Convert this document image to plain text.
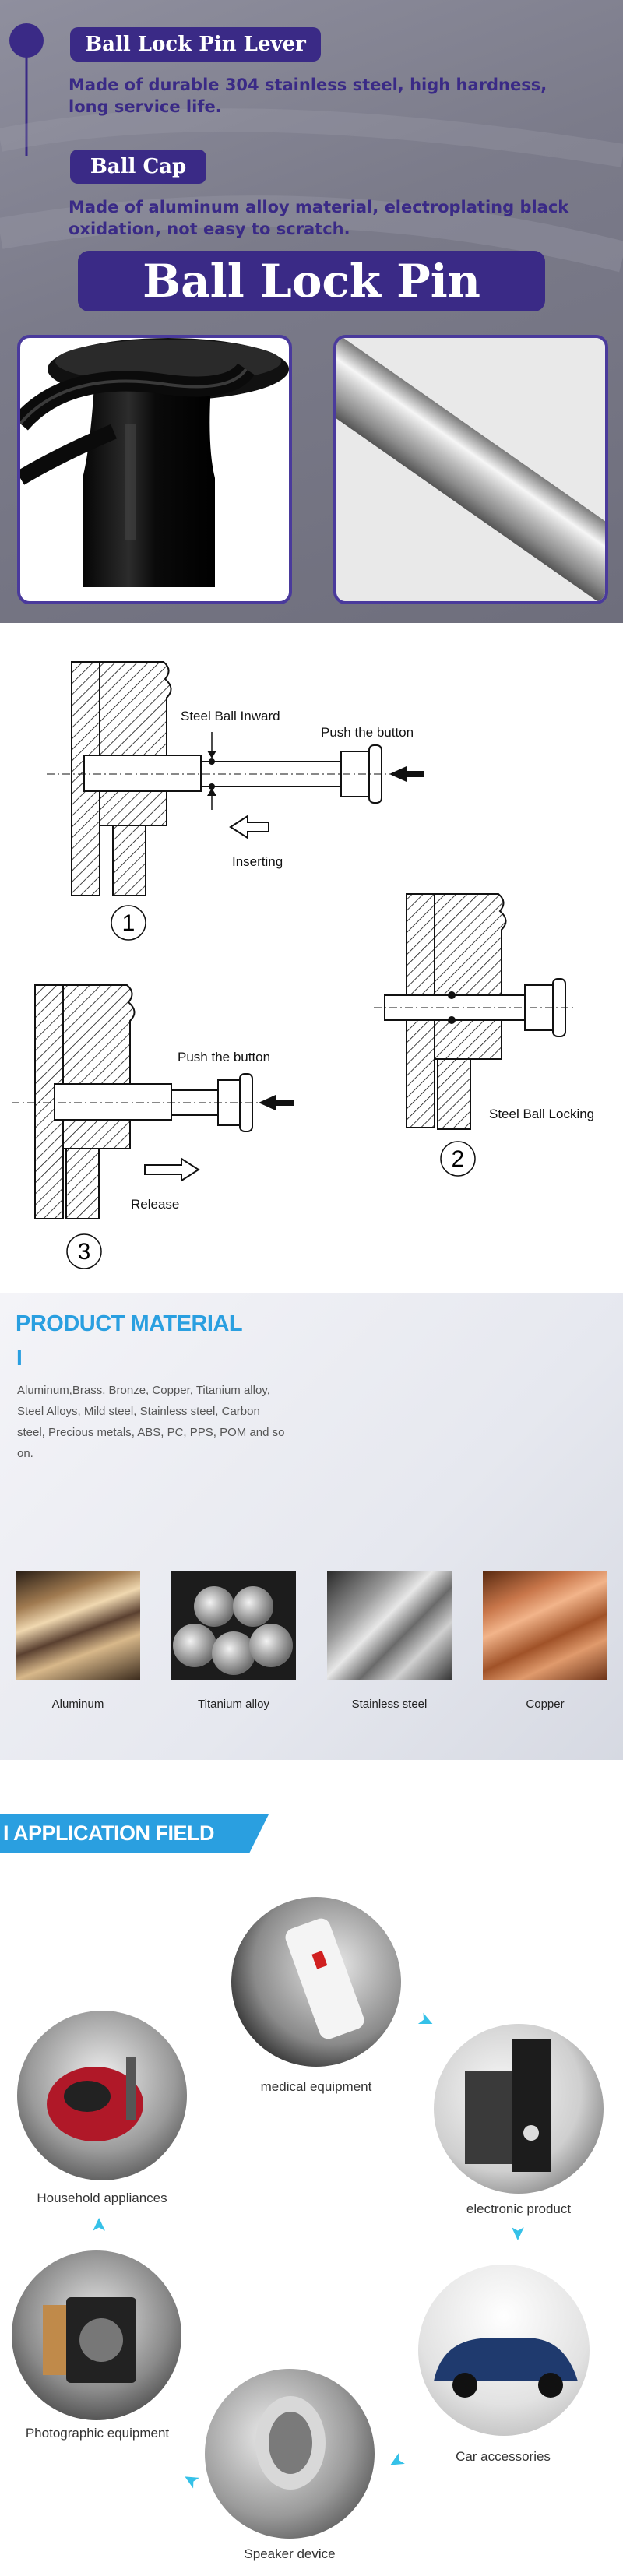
Ball Lock Pin Lever
Made of durable 304 stainless steel, high hardness,
long service life.
Ball Cap
Made of aluminum alloy material, electroplating black
oxidation, not easy to scratch.
Ball Lock Pin
Steel Ball Inward
Push the button
Inserting
1
Steel Ball Locking
2
Push the button
Release
3
PRODUCT MATERIAL
I
Aluminum,Brass, Bronze, Copper, Titanium alloy,
Steel Alloys, Mild steel, Stainless steel, Carbon
steel, Precious metals, ABS, PC, PPS, POM and so
on.
Aluminum	Titanium alloy	Stainless steel	Copper
I APPLICATION FIELD
medical equipment
electronic product
Car accessories
Speaker device
Photographic equipment
Household appliances
➤
➤
➤
➤
➤
